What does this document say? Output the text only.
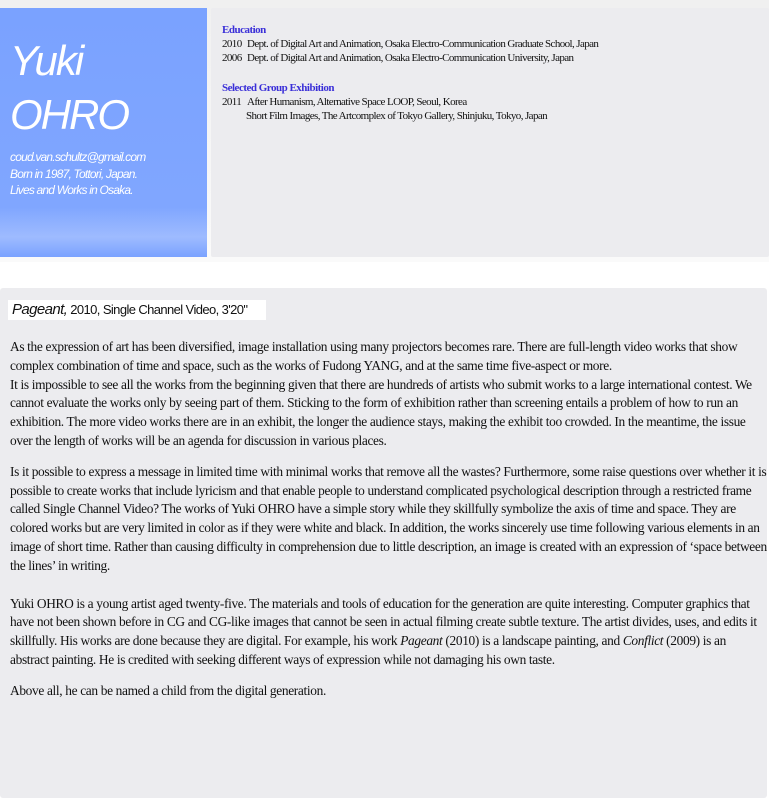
Yuki
OHRO
coud.van.schultz@gmail.com
Born in 1987, Tottori, Japan.
Lives and Works in Osaka.
Education
2010 Dept. of Digital Art and Animation, Osaka Electro-Communication Graduate School, Japan
2006 Dept. of Digital Art and Animation, Osaka Electro-Communication University, Japan
Selected Group Exhibition
2011 After Humanism, Alternative Space LOOP, Seoul, Korea
Short Film Images, The Artcomplex of Tokyo Gallery, Shinjuku, Tokyo, Japan
Pageant, 2010, Single Channel Video, 3'20"

As the expression of art has been diversified, image installation using many projectors becomes rare. There are full-length video works that show complex combination of time and space, such as the works of Fudong YANG, and at the same time five-aspect or more.

It is impossible to see all the works from the beginning given that there are hundreds of artists who submit works to a large international contest. We cannot evaluate the works only by seeing part of them. Sticking to the form of exhibition rather than screening entails a problem of how to run an exhibition. The more video works there are in an exhibit, the longer the audience stays, making the exhibit too crowded. In the meantime, the issue over the length of works will be an agenda for discussion in various places.

Is it possible to express a message in limited time with minimal works that remove all the wastes? Furthermore, some raise questions over whether it is possible to create works that include lyricism and that enable people to understand complicated psychological description through a restricted frame called Single Channel Video? The works of Yuki OHRO have a simple story while they skillfully symbolize the axis of time and space. They are colored works but are very limited in color as if they were white and black. In addition, the works sincerely use time following various elements in an image of short time. Rather than causing difficulty in comprehension due to little description, an image is created with an expression of ‘space between the lines’ in writing.

Yuki OHRO is a young artist aged twenty-five. The materials and tools of education for the generation are quite interesting. Computer graphics that have not been shown before in CG and CG-like images that cannot be seen in actual filming create subtle texture. The artist divides, uses, and edits it skillfully. His works are done because they are digital. For example, his work Pageant (2010) is a landscape painting, and Conflict (2009) is an abstract painting. He is credited with seeking different ways of expression while not damaging his own taste.

Above all, he can be named a child from the digital generation.
